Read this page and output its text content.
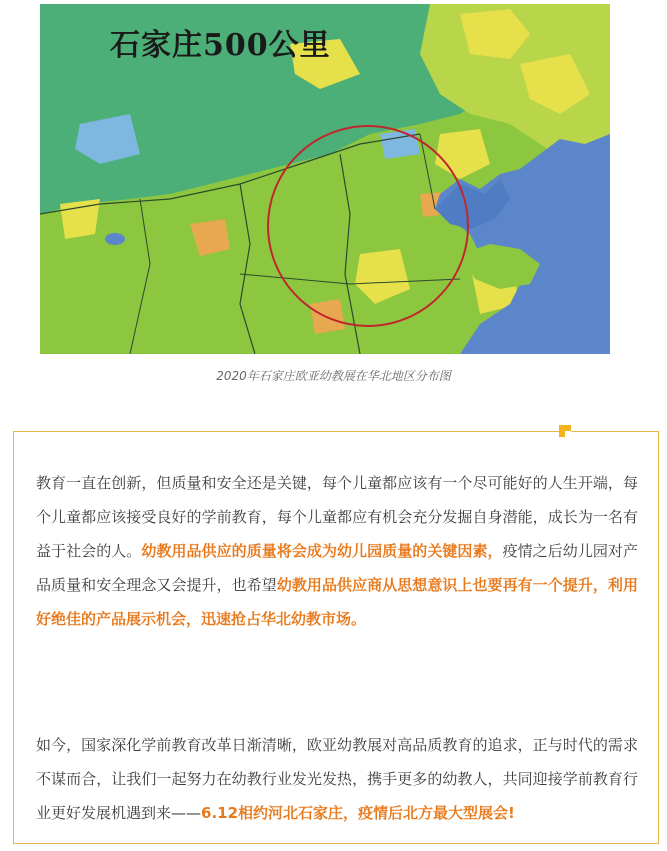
石家庄500公里
2020年石家庄欧亚幼教展在华北地区分布图
教育一直在创新，但质量和安全还是关键，每个儿童都应该有一个尽可能好的人生开端，每个儿童都应该接受良好的学前教育，每个儿童都应有机会充分发掘自身潜能，成长为一名有益于社会的人。幼教用品供应的质量将会成为幼儿园质量的关键因素，疫情之后幼儿园对产品质量和安全理念又会提升，也希望幼教用品供应商从思想意识上也要再有一个提升，利用好绝佳的产品展示机会，迅速抢占华北幼教市场。
如今，国家深化学前教育改革日渐清晰，欧亚幼教展对高品质教育的追求，正与时代的需求不谋而合，让我们一起努力在幼教行业发光发热，携手更多的幼教人，共同迎接学前教育行业更好发展机遇到来——6.12相约河北石家庄，疫情后北方最大型展会!
